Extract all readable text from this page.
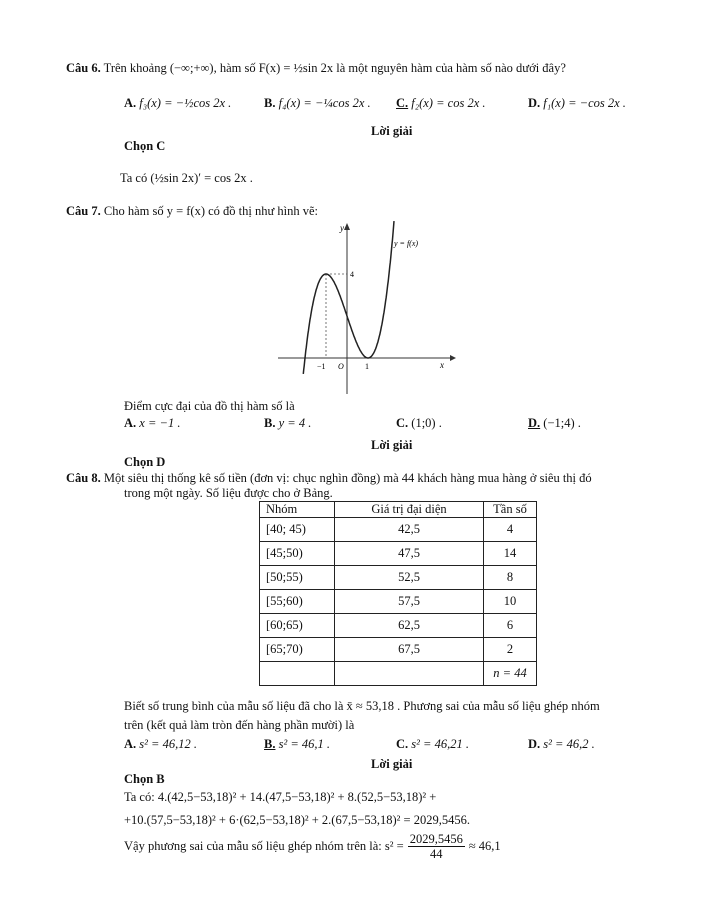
Câu 6. Trên khoảng (−∞;+∞), hàm số F(x) = ½sin 2x là một nguyên hàm của hàm số nào dưới đây?
A. f₃(x) = −½cos 2x .	B. f₄(x) = −¼cos 2x . C. f₂(x) = cos 2x .	D. f₁(x) = −cos 2x .
Lời giải
Chọn C
Ta có (½sin 2x)′ = cos 2x .
Câu 7. Cho hàm số y = f(x) có đồ thị như hình vẽ:
y
x
O
−1	1
4
y = f(x)
Điểm cực đại của đồ thị hàm số là
A. x = −1 .	B. y = 4 .	C. (1;0) .	D. (−1;4) .
Lời giải
Chọn D
Câu 8. Một siêu thị thống kê số tiền (đơn vị: chục nghìn đồng) mà 44 khách hàng mua hàng ở siêu thị đó
trong một ngày. Số liệu được cho ở Bảng.
Nhóm	Giá trị đại diện	Tần số
[40; 45)	42,5	4
[45;50)	47,5	14
[50;55)	52,5	8
[55;60)	57,5	10
[60;65)	62,5	6
[65;70)	67,5	2
		n = 44
Biết số trung bình của mẫu số liệu đã cho là x̄ ≈ 53,18 . Phương sai của mẫu số liệu ghép nhóm
trên (kết quả làm tròn đến hàng phần mười) là
A. s² = 46,12 .	B. s² = 46,1 .	C. s² = 46,21 .	D. s² = 46,2 .
Lời giải
Chọn B
Ta có: 4.(42,5−53,18)² + 14.(47,5−53,18)² + 8.(52,5−53,18)² +
+10.(57,5−53,18)² + 6·(62,5−53,18)² + 2.(67,5−53,18)² = 2029,5456.
Vậy phương sai của mẫu số liệu ghép nhóm trên là: $s^2 = \frac{2029,5456}{44} \approx 46,1$
